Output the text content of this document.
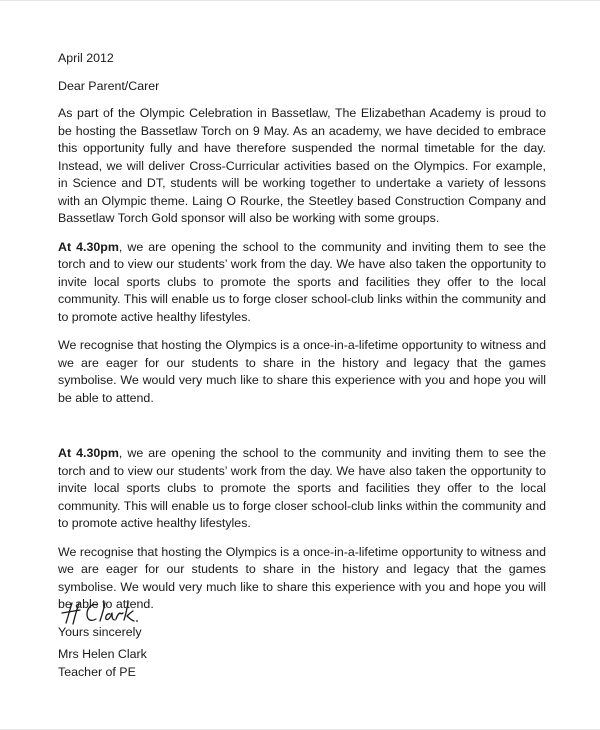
April 2012

Dear Parent/Carer

As part of the Olympic Celebration in Bassetlaw, The Elizabethan Academy is proud to be hosting the Bassetlaw Torch on 9 May. As an academy, we have decided to embrace this opportunity fully and have therefore suspended the normal timetable for the day. Instead, we will deliver Cross-Curricular activities based on the Olympics. For example, in Science and DT, students will be working together to undertake a variety of lessons with an Olympic theme. Laing O Rourke, the Steetley based Construction Company and Bassetlaw Torch Gold sponsor will also be working with some groups.

At 4.30pm, we are opening the school to the community and inviting them to see the torch and to view our students’ work from the day. We have also taken the opportunity to invite local sports clubs to promote the sports and facilities they offer to the local community. This will enable us to forge closer school-club links within the community and to promote active healthy lifestyles.

We recognise that hosting the Olympics is a once-in-a-lifetime opportunity to witness and we are eager for our students to share in the history and legacy that the games symbolise. We would very much like to share this experience with you and hope you will be able to attend.

At 4.30pm, we are opening the school to the community and inviting them to see the torch and to view our students’ work from the day. We have also taken the opportunity to invite local sports clubs to promote the sports and facilities they offer to the local community. This will enable us to forge closer school-club links within the community and to promote active healthy lifestyles.

We recognise that hosting the Olympics is a once-in-a-lifetime opportunity to witness and we are eager for our students to share in the history and legacy that the games symbolise. We would very much like to share this experience with you and hope you will be able to attend.

Yours sincerely

Mrs Helen Clark

Teacher of PE
